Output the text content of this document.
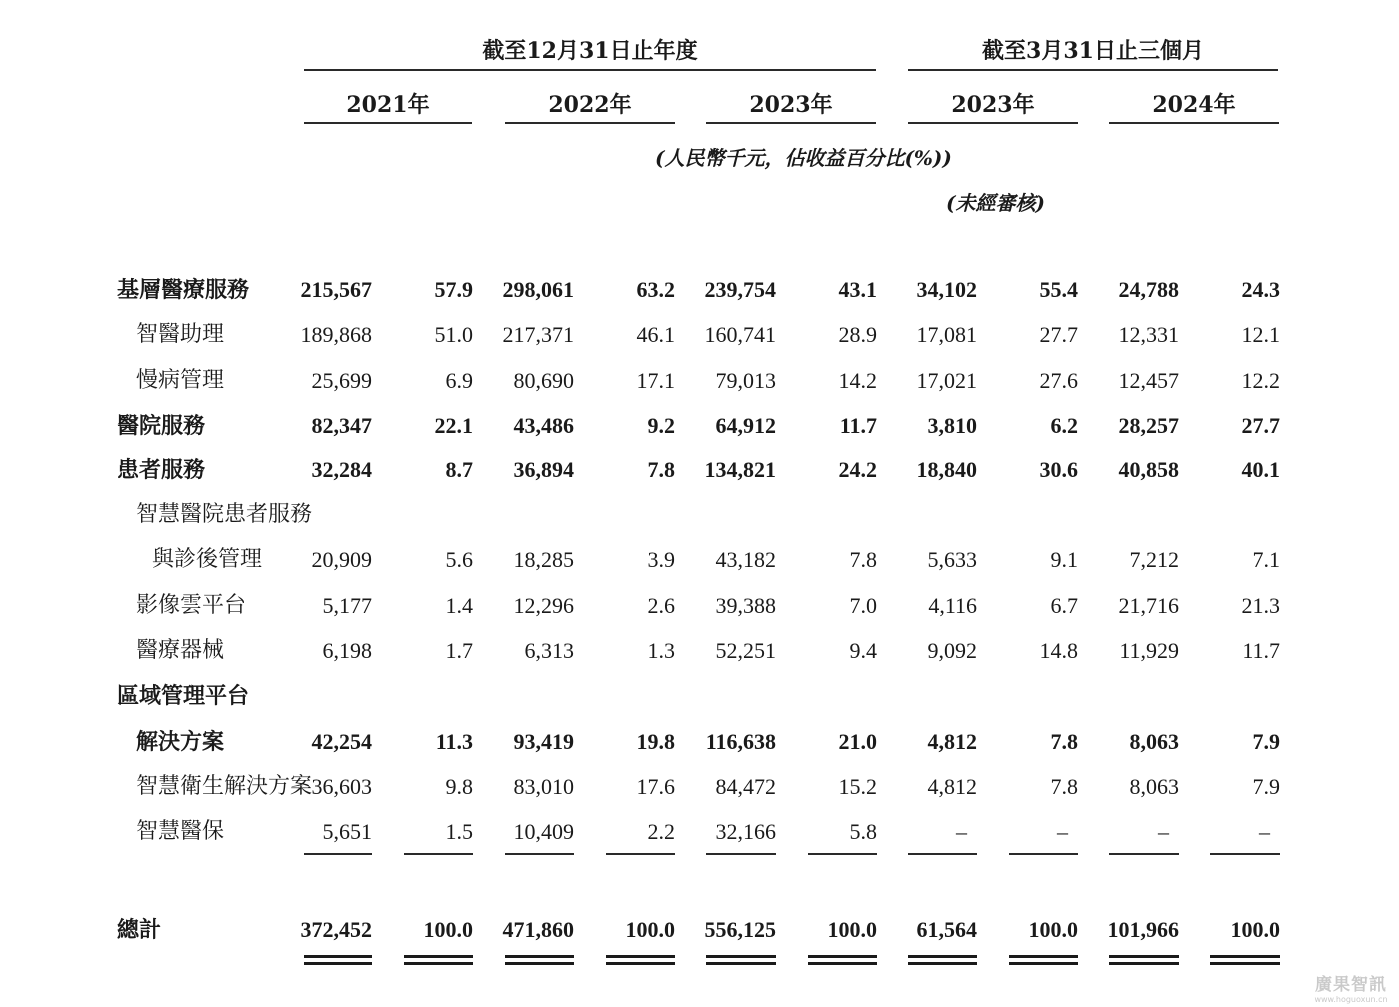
截至12月31日止年度	截至3月31日止三個月
2021年	2022年	2023年	2023年	2024年
(人民幣千元，佔收益百分比(%))
(未經審核)
基層醫療服務	215,567	57.9	298,061	63.2	239,754	43.1	34,102	55.4	24,788	24.3
智醫助理	189,868	51.0	217,371	46.1	160,741	28.9	17,081	27.7	12,331	12.1
慢病管理	25,699	6.9	80,690	17.1	79,013	14.2	17,021	27.6	12,457	12.2
醫院服務	82,347	22.1	43,486	9.2	64,912	11.7	3,810	6.2	28,257	27.7
患者服務	32,284	8.7	36,894	7.8	134,821	24.2	18,840	30.6	40,858	40.1
智慧醫院患者服務
與診後管理	20,909	5.6	18,285	3.9	43,182	7.8	5,633	9.1	7,212	7.1
影像雲平台	5,177	1.4	12,296	2.6	39,388	7.0	4,116	6.7	21,716	21.3
醫療器械	6,198	1.7	6,313	1.3	52,251	9.4	9,092	14.8	11,929	11.7
區域管理平台
解決方案	42,254	11.3	93,419	19.8	116,638	21.0	4,812	7.8	8,063	7.9
智慧衛生解決方案 36,603	9.8	83,010	17.6	84,472	15.2	4,812	7.8	8,063	7.9
智慧醫保	5,651	1.5	10,409	2.2	32,166	5.8	–	–	–	–
總計	372,452	100.0	471,860	100.0	556,125	100.0	61,564	100.0	101,966	100.0
廣果智訊
www.hoguoxun.cn
